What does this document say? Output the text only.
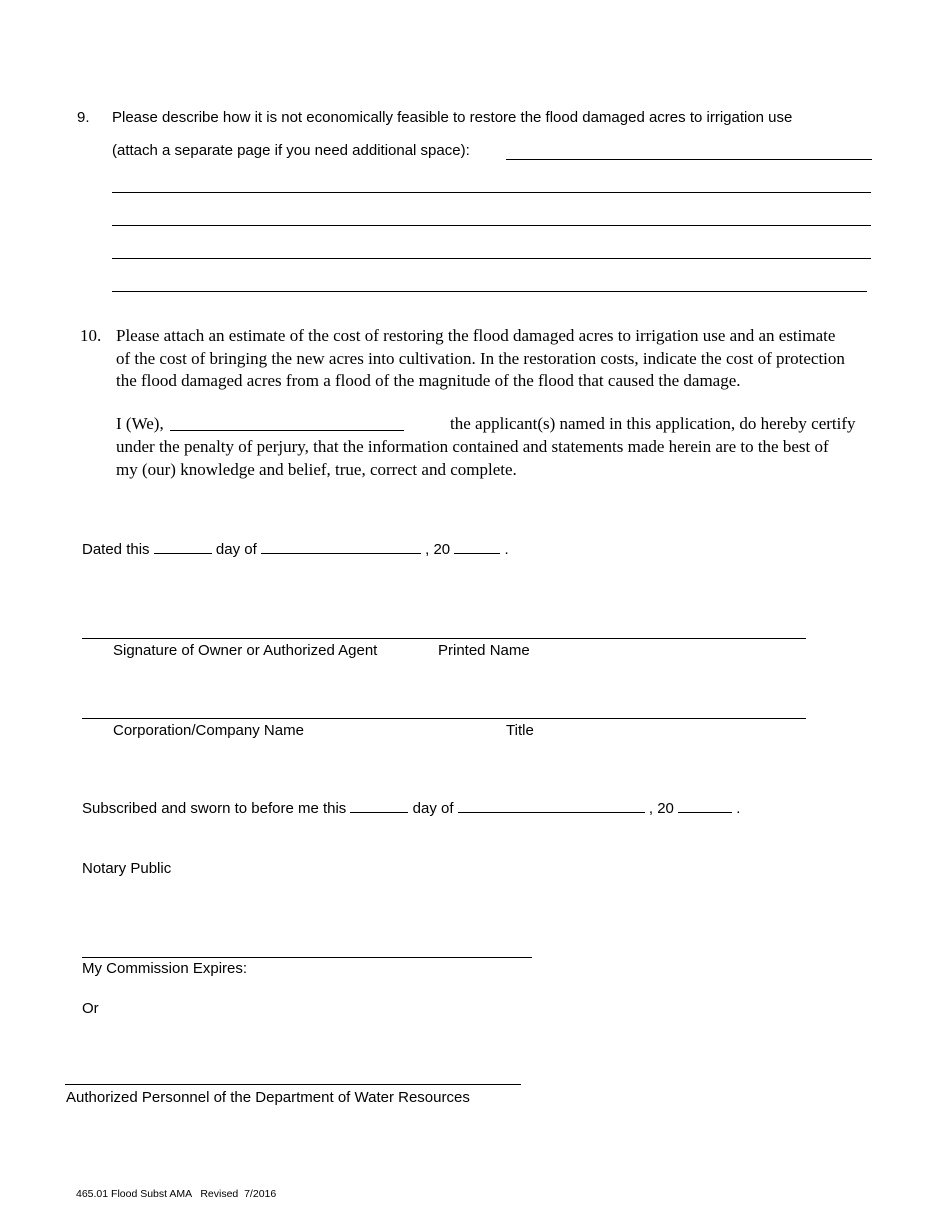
9. Please describe how it is not economically feasible to restore the flood damaged acres to irrigation use
(attach a separate page if you need additional space):
10. Please attach an estimate of the cost of restoring the flood damaged acres to irrigation use and an estimate
of the cost of bringing the new acres into cultivation. In the restoration costs, indicate the cost of protection
the flood damaged acres from a flood of the magnitude of the flood that caused the damage.
I (We),	the applicant(s) named in this application, do hereby certify
under the penalty of perjury, that the information contained and statements made herein are to the best of
my (our) knowledge and belief, true, correct and complete.
Dated this	day of	, 20	.
Signature of Owner or Authorized Agent	Printed Name
Corporation/Company Name	Title
Subscribed and sworn to before me this	day of	, 20	.
Notary Public
My Commission Expires:
Or
Authorized Personnel of the Department of Water Resources
465.01 Flood Subst AMA   Revised  7/2016
